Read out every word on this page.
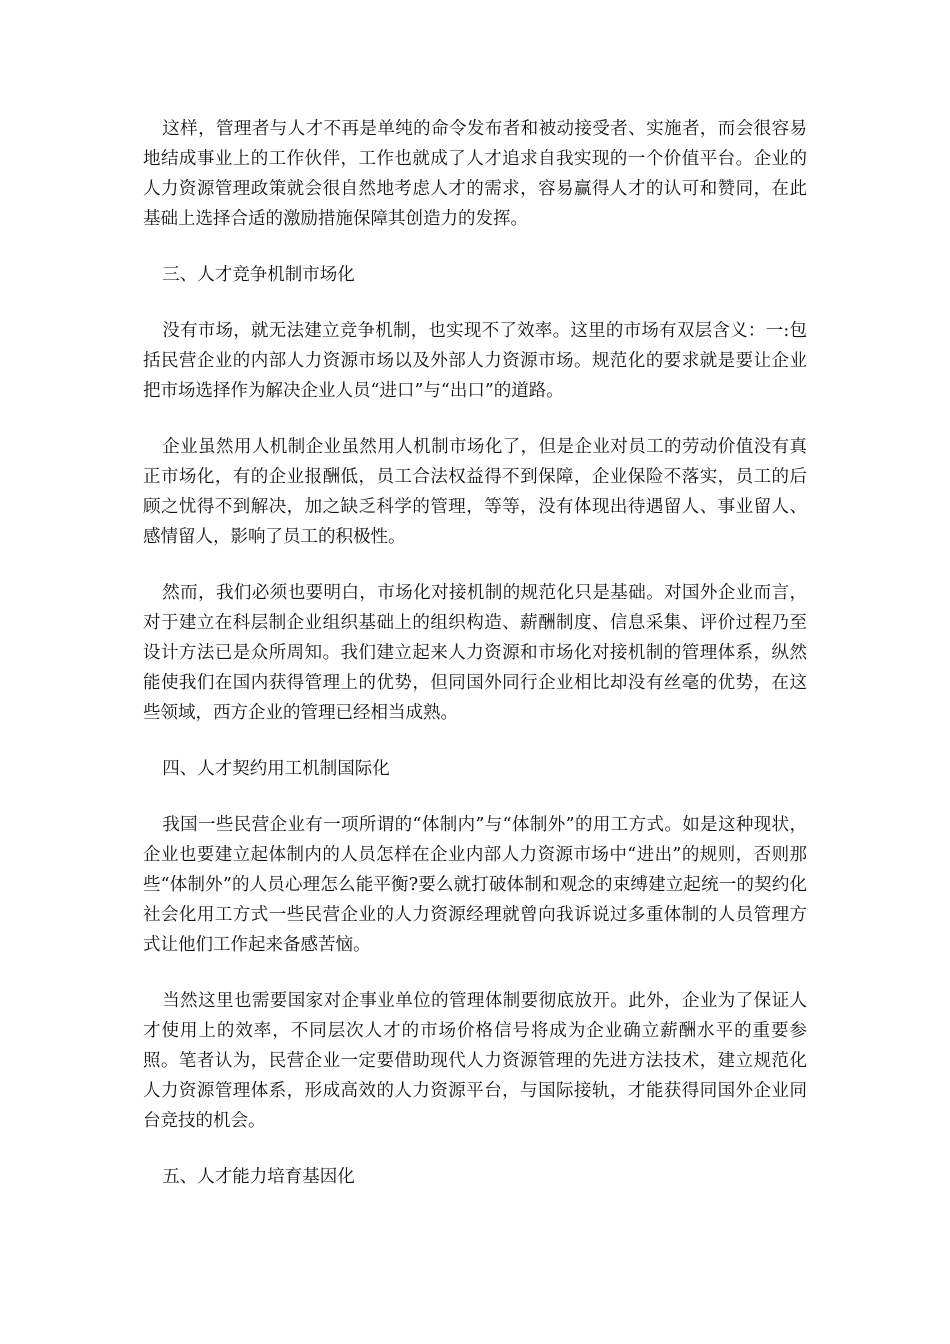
这样，管理者与人才不再是单纯的命令发布者和被动接受者、实施者，而会很容易地结成事业上的工作伙伴，工作也就成了人才追求自我实现的一个价值平台。企业的人力资源管理政策就会很自然地考虑人才的需求，容易赢得人才的认可和赞同，在此基础上选择合适的激励措施保障其创造力的发挥。

三、人才竞争机制市场化

没有市场，就无法建立竞争机制，也实现不了效率。这里的市场有双层含义：一:包括民营企业的内部人力资源市场以及外部人力资源市场。规范化的要求就是要让企业把市场选择作为解决企业人员“进口”与“出口”的道路。

企业虽然用人机制企业虽然用人机制市场化了，但是企业对员工的劳动价值没有真正市场化，有的企业报酬低，员工合法权益得不到保障，企业保险不落实，员工的后顾之忧得不到解决，加之缺乏科学的管理，等等，没有体现出待遇留人、事业留人、感情留人，影响了员工的积极性。

然而，我们必须也要明白，市场化对接机制的规范化只是基础。对国外企业而言，对于建立在科层制企业组织基础上的组织构造、薪酬制度、信息采集、评价过程乃至设计方法已是众所周知。我们建立起来人力资源和市场化对接机制的管理体系，纵然能使我们在国内获得管理上的优势，但同国外同行企业相比却没有丝毫的优势，在这些领域，西方企业的管理已经相当成熟。

四、人才契约用工机制国际化

我国一些民营企业有一项所谓的“体制内”与“体制外”的用工方式。如是这种现状，企业也要建立起体制内的人员怎样在企业内部人力资源市场中“进出”的规则，否则那些“体制外”的人员心理怎么能平衡?要么就打破体制和观念的束缚建立起统一的契约化社会化用工方式一些民营企业的人力资源经理就曾向我诉说过多重体制的人员管理方式让他们工作起来备感苦恼。

当然这里也需要国家对企事业单位的管理体制要彻底放开。此外，企业为了保证人才使用上的效率，不同层次人才的市场价格信号将成为企业确立薪酬水平的重要参照。笔者认为，民营企业一定要借助现代人力资源管理的先进方法技术，建立规范化人力资源管理体系，形成高效的人力资源平台，与国际接轨，才能获得同国外企业同台竞技的机会。

五、人才能力培育基因化
